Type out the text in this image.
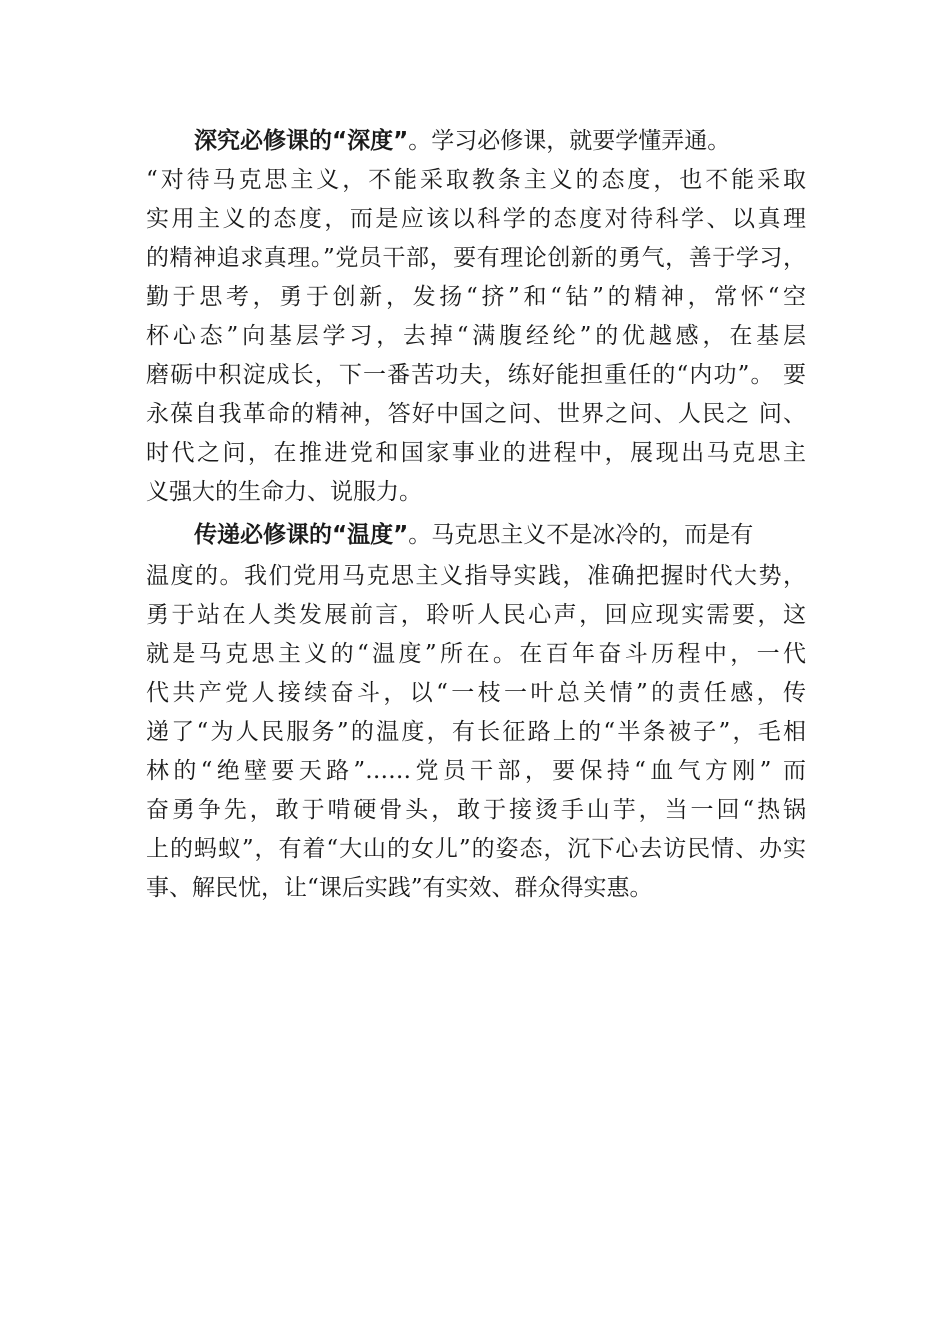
深究必修课的“深度”。学习必修课，就要学懂弄通。
“对待马克思主义，不能采取教条主义的态度，也不能采取
实用主义的态度，而是应该以科学的态度对待科学、以真理
的精神追求真理。”党员干部，要有理论创新的勇气，善于学习，
勤于思考，勇于创新，发扬“挤”和“钻”的精神，常怀“空
杯心态”向基层学习，去掉“满腹经纶”的优越感，在基层
磨砺中积淀成长，下一番苦功夫，练好能担重任的“内功”。 要
永葆自我革命的精神，答好中国之问、世界之问、人民之 问、
时代之问，在推进党和国家事业的进程中，展现出马克思主
义强大的生命力、说服力。
传递必修课的“温度”。马克思主义不是冰冷的，而是有
温度的。我们党用马克思主义指导实践，准确把握时代大势，
勇于站在人类发展前言，聆听人民心声，回应现实需要，这
就是马克思主义的“温度”所在。在百年奋斗历程中，一代
代共产党人接续奋斗，以“一枝一叶总关情”的责任感，传
递了“为人民服务”的温度，有长征路上的“半条被子”，毛相
林的“绝壁要天路”……党员干部，要保持“血气方刚” 而
奋勇争先，敢于啃硬骨头，敢于接烫手山芋，当一回“热锅
上的蚂蚁”，有着“大山的女儿”的姿态，沉下心去访民情、办实
事、解民忧，让“课后实践”有实效、群众得实惠。
